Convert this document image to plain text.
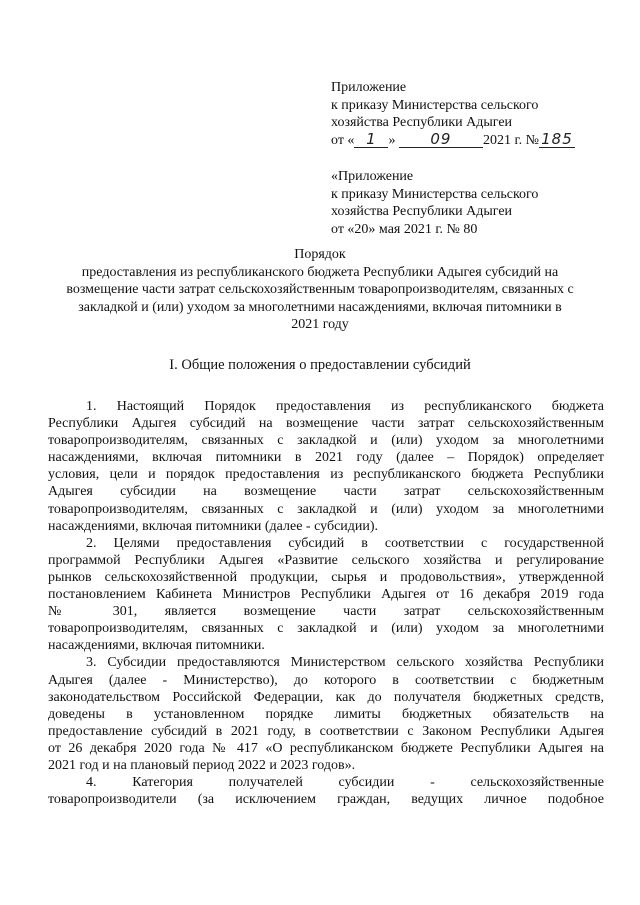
Приложение
к приказу Министерства сельского
хозяйства Республики Адыгеи
от « 1 » 09 2021 г. № 185
«Приложение
к приказу Министерства сельского
хозяйства Республики Адыгеи
от «20» мая 2021 г. № 80
Порядок
предоставления из республиканского бюджета Республики Адыгея субсидий на
возмещение части затрат сельскохозяйственным товаропроизводителям, связанных с
закладкой и (или) уходом за многолетними насаждениями, включая питомники в
2021 году
I. Общие положения о предоставлении субсидий
1. Настоящий Порядок предоставления из республиканского бюджета
Республики Адыгея субсидий на возмещение части затрат сельскохозяйственным
товаропроизводителям, связанных с закладкой и (или) уходом за многолетними
насаждениями, включая питомники в 2021 году (далее – Порядок) определяет
условия, цели и порядок предоставления из республиканского бюджета Республики
Адыгея субсидии на возмещение части затрат сельскохозяйственным
товаропроизводителям, связанных с закладкой и (или) уходом за многолетними
насаждениями, включая питомники (далее - субсидии).
2. Целями предоставления субсидий в соответствии с государственной
программой Республики Адыгея «Развитие сельского хозяйства и регулирование
рынков сельскохозяйственной продукции, сырья и продовольствия», утвержденной
постановлением Кабинета Министров Республики Адыгея от 16 декабря 2019 года
№ 301, является возмещение части затрат сельскохозяйственным
товаропроизводителям, связанных с закладкой и (или) уходом за многолетними
насаждениями, включая питомники.
3. Субсидии предоставляются Министерством сельского хозяйства Республики
Адыгея (далее - Министерство), до которого в соответствии с бюджетным
законодательством Российской Федерации, как до получателя бюджетных средств,
доведены в установленном порядке лимиты бюджетных обязательств на
предоставление субсидий в 2021 году, в соответствии с Законом Республики Адыгея
от 26 декабря 2020 года № 417 «О республиканском бюджете Республики Адыгея на
2021 год и на плановый период 2022 и 2023 годов».
4. Категория получателей субсидии - сельскохозяйственные
товаропроизводители (за исключением граждан, ведущих личное подобное
